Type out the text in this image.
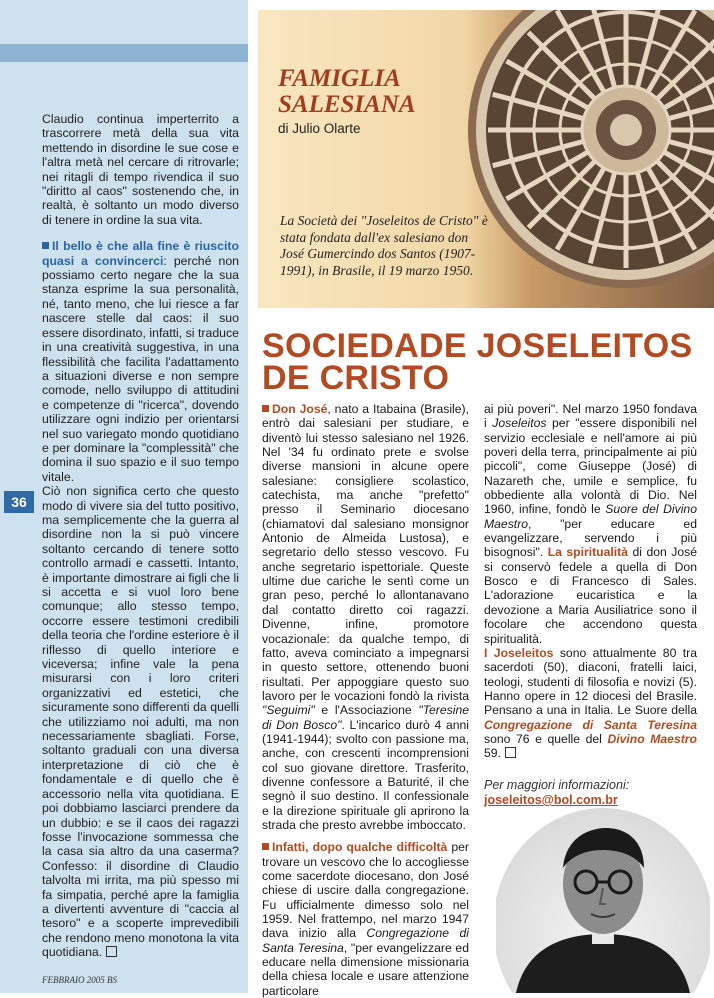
36

Claudio continua imperterrito a trascorrere metà della sua vita mettendo in disordine le sue cose e l'altra metà nel cercare di ritrovarle; nei ritagli di tempo rivendica il suo "diritto al caos" sostenendo che, in realtà, è soltanto un modo diverso di tenere in ordine la sua vita.

Il bello è che alla fine è riuscito quasi a convincerci: perché non possiamo certo negare che la sua stanza esprime la sua personalità, né, tanto meno, che lui riesce a far nascere stelle dal caos: il suo essere disordinato, infatti, si traduce in una creatività suggestiva, in una flessibilità che facilita l'adattamento a situazioni diverse e non sempre comode, nello sviluppo di attitudini e competenze di "ricerca", dovendo utilizzare ogni indizio per orientarsi nel suo variegato mondo quotidiano e per dominare la "complessità" che domina il suo spazio e il suo tempo vitale.

Ciò non significa certo che questo modo di vivere sia del tutto positivo, ma semplicemente che la guerra al disordine non la si può vincere soltanto cercando di tenere sotto controllo armadi e cassetti. Intanto, è importante dimostrare ai figli che li si accetta e si vuol loro bene comunque; allo stesso tempo, occorre essere testimoni credibili della teoria che l'ordine esteriore è il riflesso di quello interiore e viceversa; infine vale la pena misurarsi con i loro criteri organizzativi ed estetici, che sicuramente sono differenti da quelli che utilizziamo noi adulti, ma non necessariamente sbagliati. Forse, soltanto graduali con una diversa interpretazione di ciò che è fondamentale e di quello che è accessorio nella vita quotidiana. E poi dobbiamo lasciarci prendere da un dubbio: e se il caos dei ragazzi fosse l'invocazione sommessa che la casa sia altro da una caserma? Confesso: il disordine di Claudio talvolta mi irrita, ma più spesso mi fa simpatia, perché apre la famiglia a divertenti avventure di "caccia al tesoro" e a scoperte imprevedibili che rendono meno monotona la vita quotidiana.

FEBBRAIO 2005 BS
FAMIGLIA
SALESIANA
di Julio Olarte
La Società dei "Joseleitos de Cristo" è stata fondata dall'ex salesiano don José Gumercindo dos Santos (1907-1991), in Brasile, il 19 marzo 1950.
SOCIEDADE JOSELEITOS
DE CRISTO

Don José, nato a Itabaina (Brasile), entrò dai salesiani per studiare, e diventò lui stesso salesiano nel 1926. Nel '34 fu ordinato prete e svolse diverse mansioni in alcune opere salesiane: consigliere scolastico, catechista, ma anche "prefetto" presso il Seminario diocesano (chiamatovi dal salesiano monsignor Antonio de Almeida Lustosa), e segretario dello stesso vescovo. Fu anche segretario ispettoriale. Queste ultime due cariche le sentì come un gran peso, perché lo allontanavano dal contatto diretto coi ragazzi. Divenne, infine, promotore vocazionale: da qualche tempo, di fatto, aveva cominciato a impegnarsi in questo settore, ottenendo buoni risultati. Per appoggiare questo suo lavoro per le vocazioni fondò la rivista "Seguimi" e l'Associazione "Teresine di Don Bosco". L'incarico durò 4 anni (1941-1944); svolto con passione ma, anche, con crescenti incomprensioni col suo giovane direttore. Trasferito, divenne confessore a Baturité, il che segnò il suo destino. Il confessionale e la direzione spirituale gli aprirono la strada che presto avrebbe imboccato.

Infatti, dopo qualche difficoltà per trovare un vescovo che lo accogliesse come sacerdote diocesano, don José chiese di uscire dalla congregazione. Fu ufficialmente dimesso solo nel 1959. Nel frattempo, nel marzo 1947 dava inizio alla Congregazione di Santa Teresina, "per evangelizzare ed educare nella dimensione missionaria della chiesa locale e usare attenzione particolare

ai più poveri". Nel marzo 1950 fondava i Joseleitos per "essere disponibili nel servizio ecclesiale e nell'amore ai più poveri della terra, principalmente ai più piccoli", come Giuseppe (José) di Nazareth che, umile e semplice, fu obbediente alla volontà di Dio. Nel 1960, infine, fondò le Suore del Divino Maestro, "per educare ed evangelizzare, servendo i più bisognosi". La spiritualità di don José si conservò fedele a quella di Don Bosco e di Francesco di Sales. L'adorazione eucaristica e la devozione a Maria Ausiliatrice sono il focolare che accendono questa spiritualità.

I Joseleitos sono attualmente 80 tra sacerdoti (50), diaconi, fratelli laici, teologi, studenti di filosofia e novizi (5). Hanno opere in 12 diocesi del Brasile. Pensano a una in Italia. Le Suore della Congregazione di Santa Teresina sono 76 e quelle del Divino Maestro 59.

Per maggiori informazioni:
joseleitos@bol.com.br
